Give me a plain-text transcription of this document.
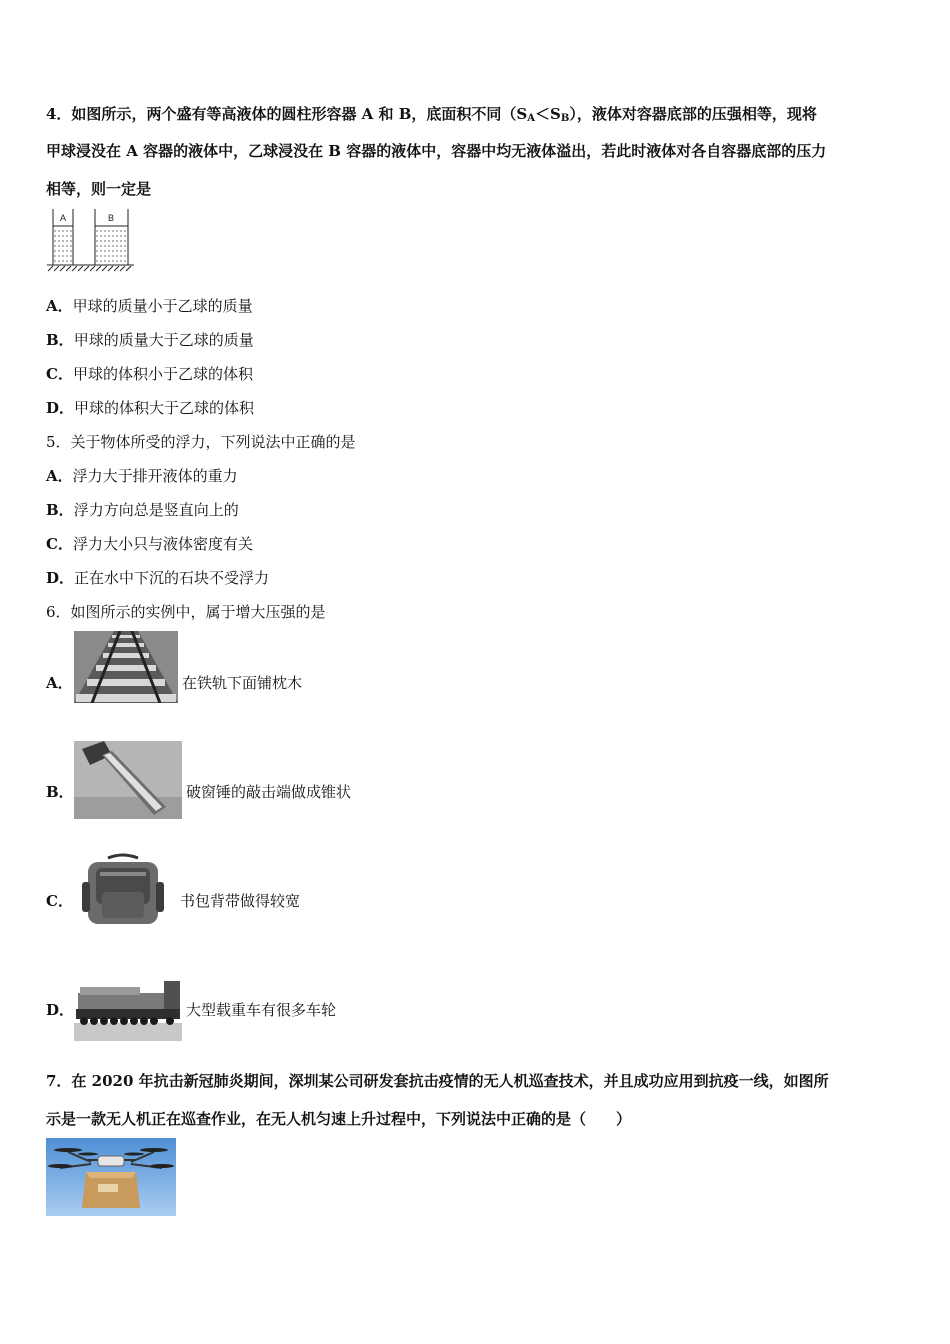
4．如图所示，两个盛有等高液体的圆柱形容器 A 和 B，底面积不同$(S_A<S_B)$，液体对容器底部的压强相等，现将
甲球浸没在 A 容器的液体中，乙球浸没在 B 容器的液体中，容器中均无液体溢出，若此时液体对各自容器底部的压力
相等，则一定是
A	B
A．甲球的质量小于乙球的质量
B．甲球的质量大于乙球的质量
C．甲球的体积小于乙球的体积
D．甲球的体积大于乙球的体积
5．关于物体所受的浮力，下列说法中正确的是
A．浮力大于排开液体的重力
B．浮力方向总是竖直向上的
C．浮力大小只与液体密度有关
D．正在水中下沉的石块不受浮力
6．如图所示的实例中，属于增大压强的是
A．	在铁轨下面铺枕木
B．	破窗锤的敲击端做成锥状
C．	书包背带做得较宽
D．	大型载重车有很多车轮
7．在 2020 年抗击新冠肺炎期间，深圳某公司研发套抗击疫情的无人机巡查技术，并且成功应用到抗疫一线，如图所
示是一款无人机正在巡查作业，在无人机匀速上升过程中，下列说法中正确的是（　　）
